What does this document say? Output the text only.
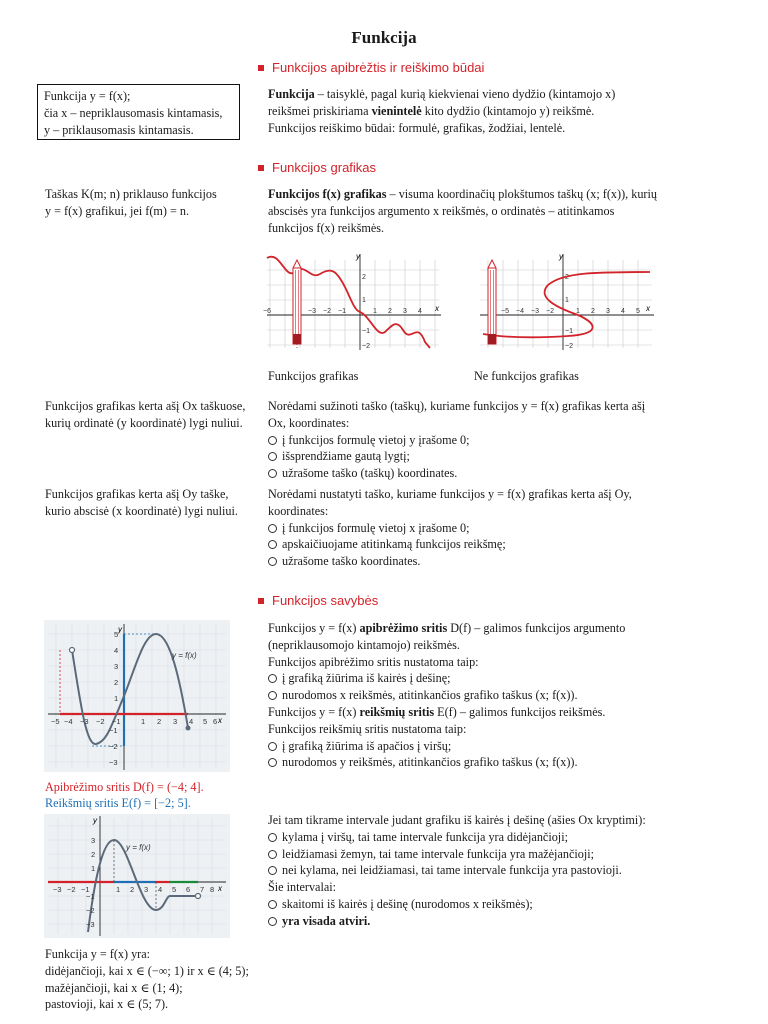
Funkcija
Funkcijos apibrėžtis ir reiškimo būdai
Funkcija y = f(x);
čia x – nepriklausomasis kintamasis,
y – priklausomasis kintamasis.
Funkcija – taisyklė, pagal kurią kiekvienai vieno dydžio (kintamojo x) reikšmei priskiriama vienintelė kito dydžio (kintamojo y) reikšmė.
Funkcijos reiškimo būdai: formulė, grafikas, žodžiai, lentelė.
Funkcijos grafikas
Taškas K(m; n) priklauso funkcijos
y = f(x) grafikui, jei f(m) = n.
Funkcijos f(x) grafikas – visuma koordinačių plokštumos taškų (x; f(x)), kurių abscisės yra funkcijos argumento x reikšmės, o ordinatės – atitinkamos funkcijos f(x) reikšmės.
y
x
−6	−3 −2 −1	1 2 3 4
2
1
−1
−2
y
x
−5 −4 −3 −2	1 2 3 4 5
2
1
−1
−2
Funkcijos grafikas	Ne funkcijos grafikas
Funkcijos grafikas kerta ašį Ox taškuose, kurių ordinatė (y koordinatė) lygi nuliui.
Norėdami sužinoti taško (taškų), kuriame funkcijos y = f(x) grafikas kerta ašį Ox, koordinates:
į funkcijos formulę vietoj y įrašome 0;
išsprendžiame gautą lygtį;
užrašome taško (taškų) koordinates.
Funkcijos grafikas kerta ašį Oy taške, kurio abscisė (x koordinatė) lygi nuliui.
Norėdami nustatyti taško, kuriame funkcijos y = f(x) grafikas kerta ašį Oy, koordinates:
į funkcijos formulę vietoj x įrašome 0;
apskaičiuojame atitinkamą funkcijos reikšmę;
užrašome taško koordinates.
Funkcijos savybės
y
x
y = f(x)
−5 −4 −3 −2 −1	1 2 3 4 5 6
5
4
3
2
1
−1
−2
−3
Funkcijos y = f(x) apibrėžimo sritis D(f) – galimos funkcijos argumento (nepriklausomojo kintamojo) reikšmės.
Funkcijos apibrėžimo sritis nustatoma taip:
į grafiką žiūrima iš kairės į dešinę;
nurodomos x reikšmės, atitinkančios grafiko taškus (x; f(x)).
Funkcijos y = f(x) reikšmių sritis E(f) – galimos funkcijos reikšmės.
Funkcijos reikšmių sritis nustatoma taip:
į grafiką žiūrima iš apačios į viršų;
nurodomos y reikšmės, atitinkančios grafiko taškus (x; f(x)).
Apibrėžimo sritis D(f) = (−4; 4].
Reikšmių sritis E(f) = [−2; 5].
y
x
y = f(x)
−3 −2 −1	1 2 3 4 5 6 7 8
3
2
1
−1
−2
−3
Jei tam tikrame intervale judant grafiku iš kairės į dešinę (ašies Ox kryptimi):
kylama į viršų, tai tame intervale funkcija yra didėjančioji;
leidžiamasi žemyn, tai tame intervale funkcija yra mažėjančioji;
nei kylama, nei leidžiamasi, tai tame intervale funkcija yra pastovioji.
Šie intervalai:
skaitomi iš kairės į dešinę (nurodomos x reikšmės);
yra visada atviri.
Funkcija y = f(x) yra:
didėjančioji, kai x ∈ (−∞; 1) ir x ∈ (4; 5);
mažėjančioji, kai x ∈ (1; 4);
pastovioji, kai x ∈ (5; 7).
